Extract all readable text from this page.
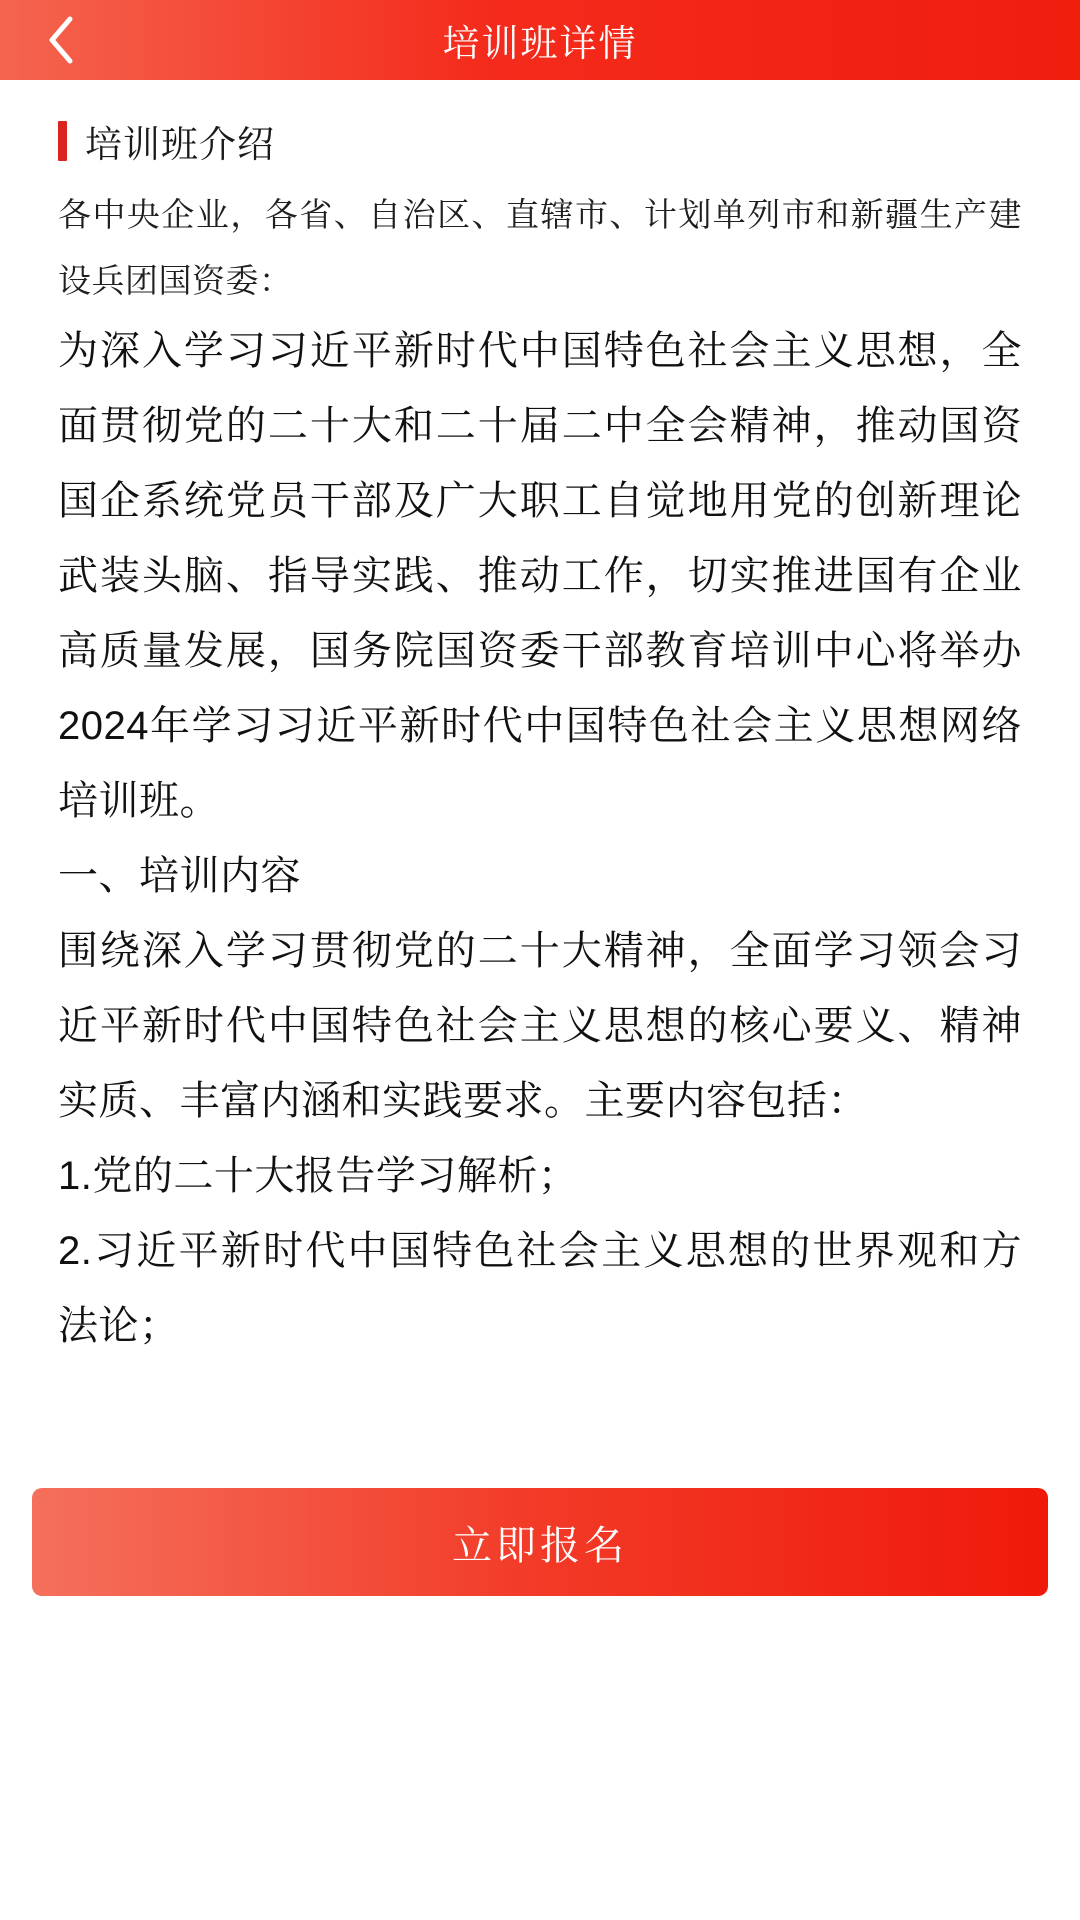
培训班详情
培训班介绍

各中央企业，各省、自治区、直辖市、计划单列市和新疆生产建设兵团国资委：

为深入学习习近平新时代中国特色社会主义思想，全面贯彻党的二十大和二十届二中全会精神，推动国资国企系统党员干部及广大职工自觉地用党的创新理论武装头脑、指导实践、推动工作，切实推进国有企业高质量发展，国务院国资委干部教育培训中心将举办2024年学习习近平新时代中国特色社会主义思想网络培训班。

一、培训内容

围绕深入学习贯彻党的二十大精神，全面学习领会习近平新时代中国特色社会主义思想的核心要义、精神实质、丰富内涵和实践要求。主要内容包括：

1.党的二十大报告学习解析；

2.习近平新时代中国特色社会主义思想的世界观和方法论；

立即报名
